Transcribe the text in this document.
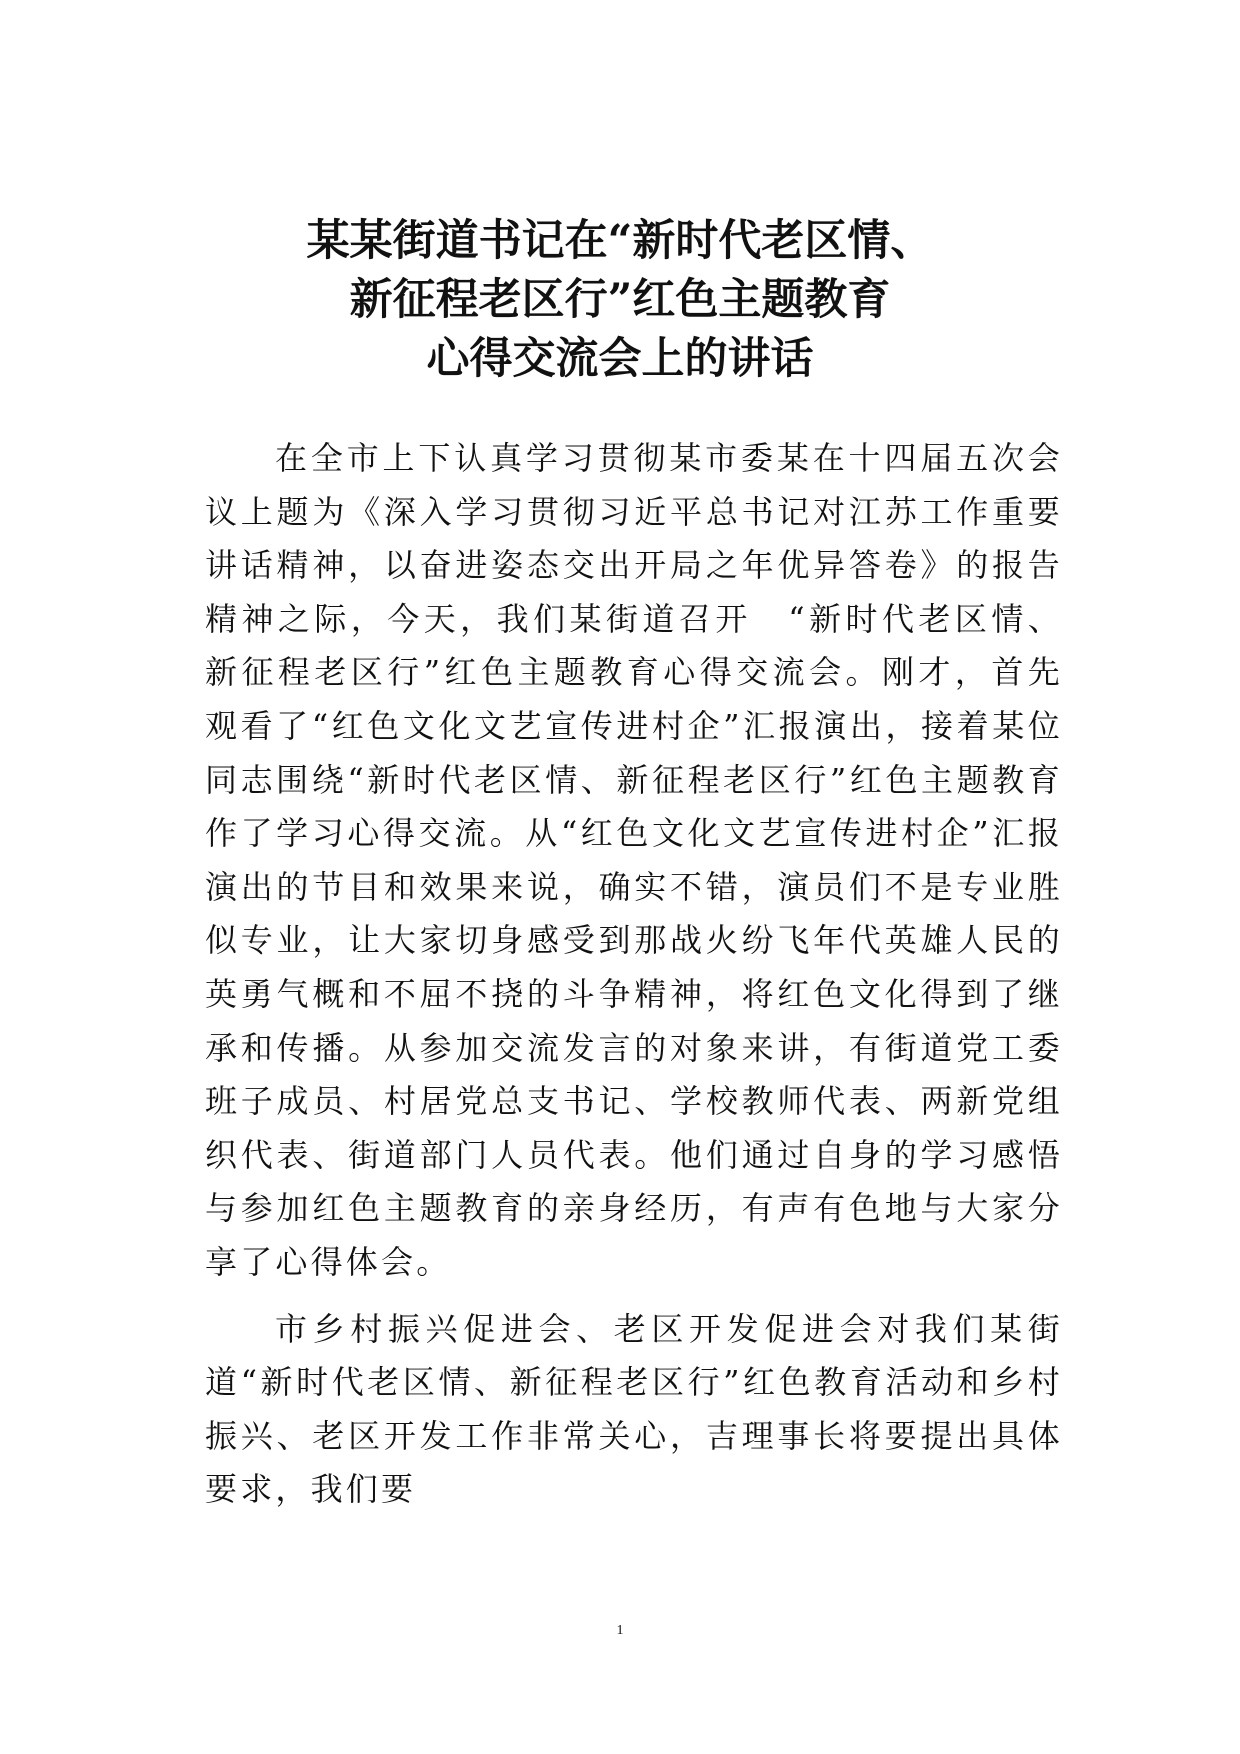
某某街道书记在“新时代老区情、
新征程老区行”红色主题教育
心得交流会上的讲话

在全市上下认真学习贯彻某市委某在十四届五次会议上题为《深入学习贯彻习近平总书记对江苏工作重要讲话精神，以奋进姿态交出开局之年优异答卷》的报告精神之际，今天，我们某街道召开　“新时代老区情、新征程老区行”红色主题教育心得交流会。刚才，首先观看了“红色文化文艺宣传进村企”汇报演出，接着某位同志围绕“新时代老区情、新征程老区行”红色主题教育作了学习心得交流。从“红色文化文艺宣传进村企”汇报演出的节目和效果来说，确实不错，演员们不是专业胜似专业，让大家切身感受到那战火纷飞年代英雄人民的英勇气概和不屈不挠的斗争精神，将红色文化得到了继承和传播。从参加交流发言的对象来讲，有街道党工委班子成员、村居党总支书记、学校教师代表、两新党组织代表、街道部门人员代表。他们通过自身的学习感悟与参加红色主题教育的亲身经历，有声有色地与大家分享了心得体会。

市乡村振兴促进会、老区开发促进会对我们某街道“新时代老区情、新征程老区行”红色教育活动和乡村振兴、老区开发工作非常关心，吉理事长将要提出具体要求，我们要

1
